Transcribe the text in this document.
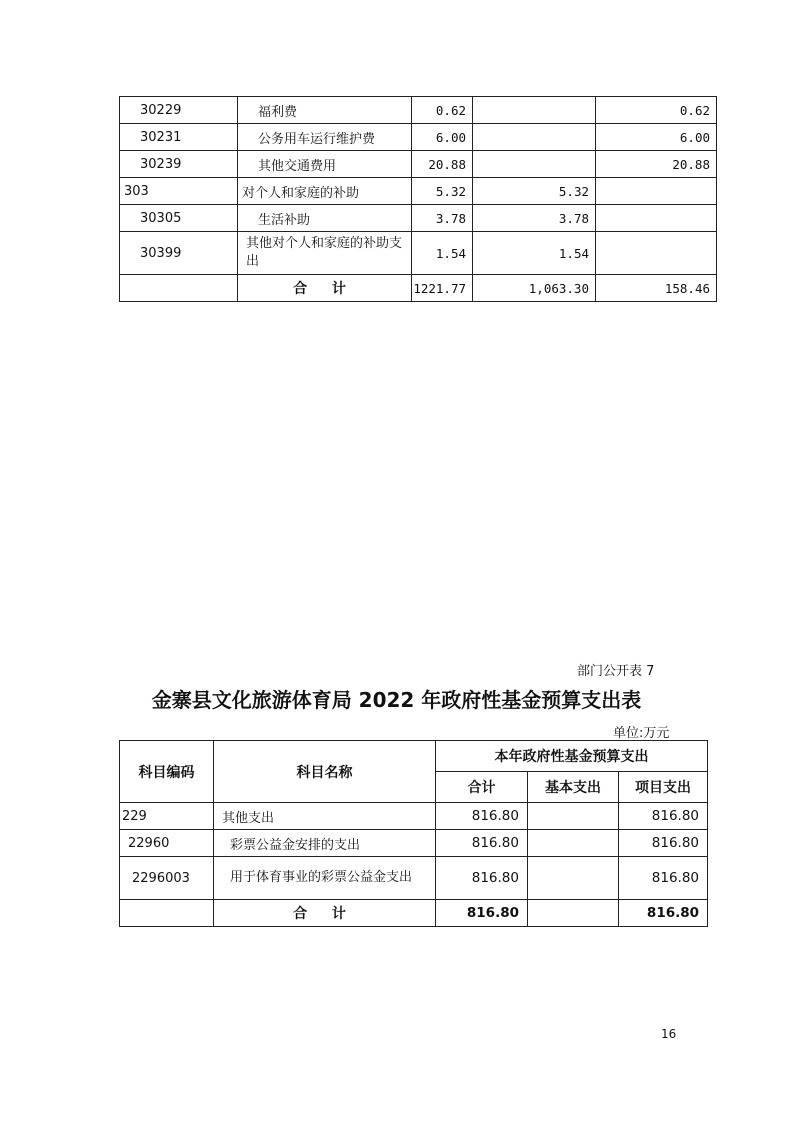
30229	福利费	0.62		0.62
30231	公务用车运行维护费	6.00		6.00
30239	其他交通费用	20.88		20.88
303	对个人和家庭的补助	5.32	5.32	
30305	生活补助	3.78	3.78	
30399	其他对个人和家庭的补助支出	1.54	1.54	
	合 计	1221.77	1,063.30	158.46
部门公开表 7
金寨县文化旅游体育局 2022 年政府性基金预算支出表
单位:万元
科目编码	科目名称	本年政府性基金预算支出		
		合计	基本支出	项目支出
229	其他支出	816.80		816.80
22960	彩票公益金安排的支出	816.80		816.80
2296003	用于体育事业的彩票公益金支出	816.80		816.80
	合 计	816.80		816.80
16
